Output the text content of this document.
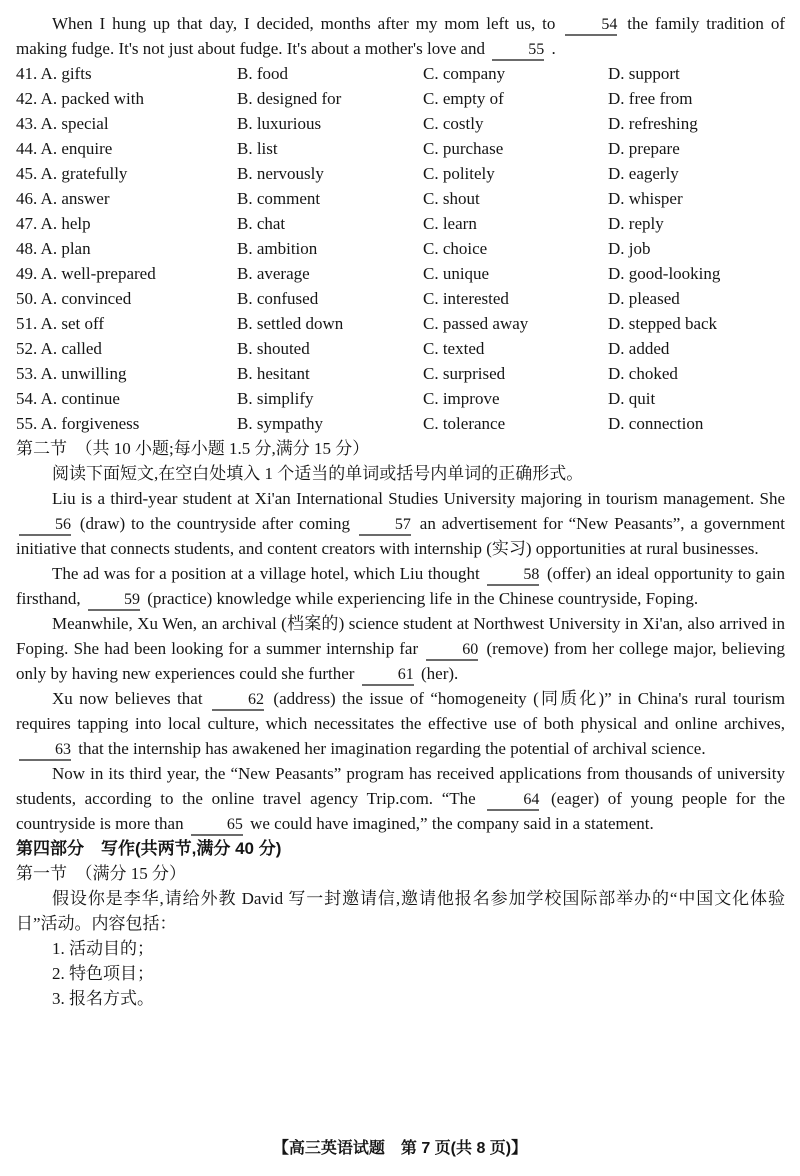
When I hung up that day, I decided, months after my mom left us, to 54 the family tradition of making fudge. It's not just about fudge. It's about a mother's love and 55 .

41. A. gifts	B. food	C. company	D. support
42. A. packed with	B. designed for	C. empty of	D. free from
43. A. special	B. luxurious	C. costly	D. refreshing
44. A. enquire	B. list	C. purchase	D. prepare
45. A. gratefully	B. nervously	C. politely	D. eagerly
46. A. answer	B. comment	C. shout	D. whisper
47. A. help	B. chat	C. learn	D. reply
48. A. plan	B. ambition	C. choice	D. job
49. A. well-prepared	B. average	C. unique	D. good-looking
50. A. convinced	B. confused	C. interested	D. pleased
51. A. set off	B. settled down	C. passed away	D. stepped back
52. A. called	B. shouted	C. texted	D. added
53. A. unwilling	B. hesitant	C. surprised	D. choked
54. A. continue	B. simplify	C. improve	D. quit
55. A. forgiveness	B. sympathy	C. tolerance	D. connection

第二节　（共 10 小题;每小题 1.5 分,满分 15 分）

阅读下面短文,在空白处填入 1 个适当的单词或括号内单词的正确形式。

Liu is a third-year student at Xi'an International Studies University majoring in tourism management. She 56 (draw) to the countryside after coming 57 an advertisement for “New Peasants”, a government initiative that connects students, and content creators with internship (实习) opportunities at rural businesses.

The ad was for a position at a village hotel, which Liu thought 58 (offer) an ideal opportunity to gain firsthand, 59 (practice) knowledge while experiencing life in the Chinese countryside, Foping.

Meanwhile, Xu Wen, an archival (档案的) science student at Northwest University in Xi'an, also arrived in Foping. She had been looking for a summer internship far 60 (remove) from her college major, believing only by having new experiences could she further 61 (her).

Xu now believes that 62 (address) the issue of “homogeneity (同质化)” in China's rural tourism requires tapping into local culture, which necessitates the effective use of both physical and online archives, 63 that the internship has awakened her imagination regarding the potential of archival science.

Now in its third year, the “New Peasants” program has received applications from thousands of university students, according to the online travel agency Trip.com. “The 64 (eager) of young people for the countryside is more than 65 we could have imagined,” the company said in a statement.

第四部分　写作(共两节,满分 40 分)

第一节　（满分 15 分）

假设你是李华,请给外教 David 写一封邀请信,邀请他报名参加学校国际部举办的“中国文化体验日”活动。内容包括：

1. 活动目的；
2. 特色项目；
3. 报名方式。
【高三英语试题　第 7 页(共 8 页)】
